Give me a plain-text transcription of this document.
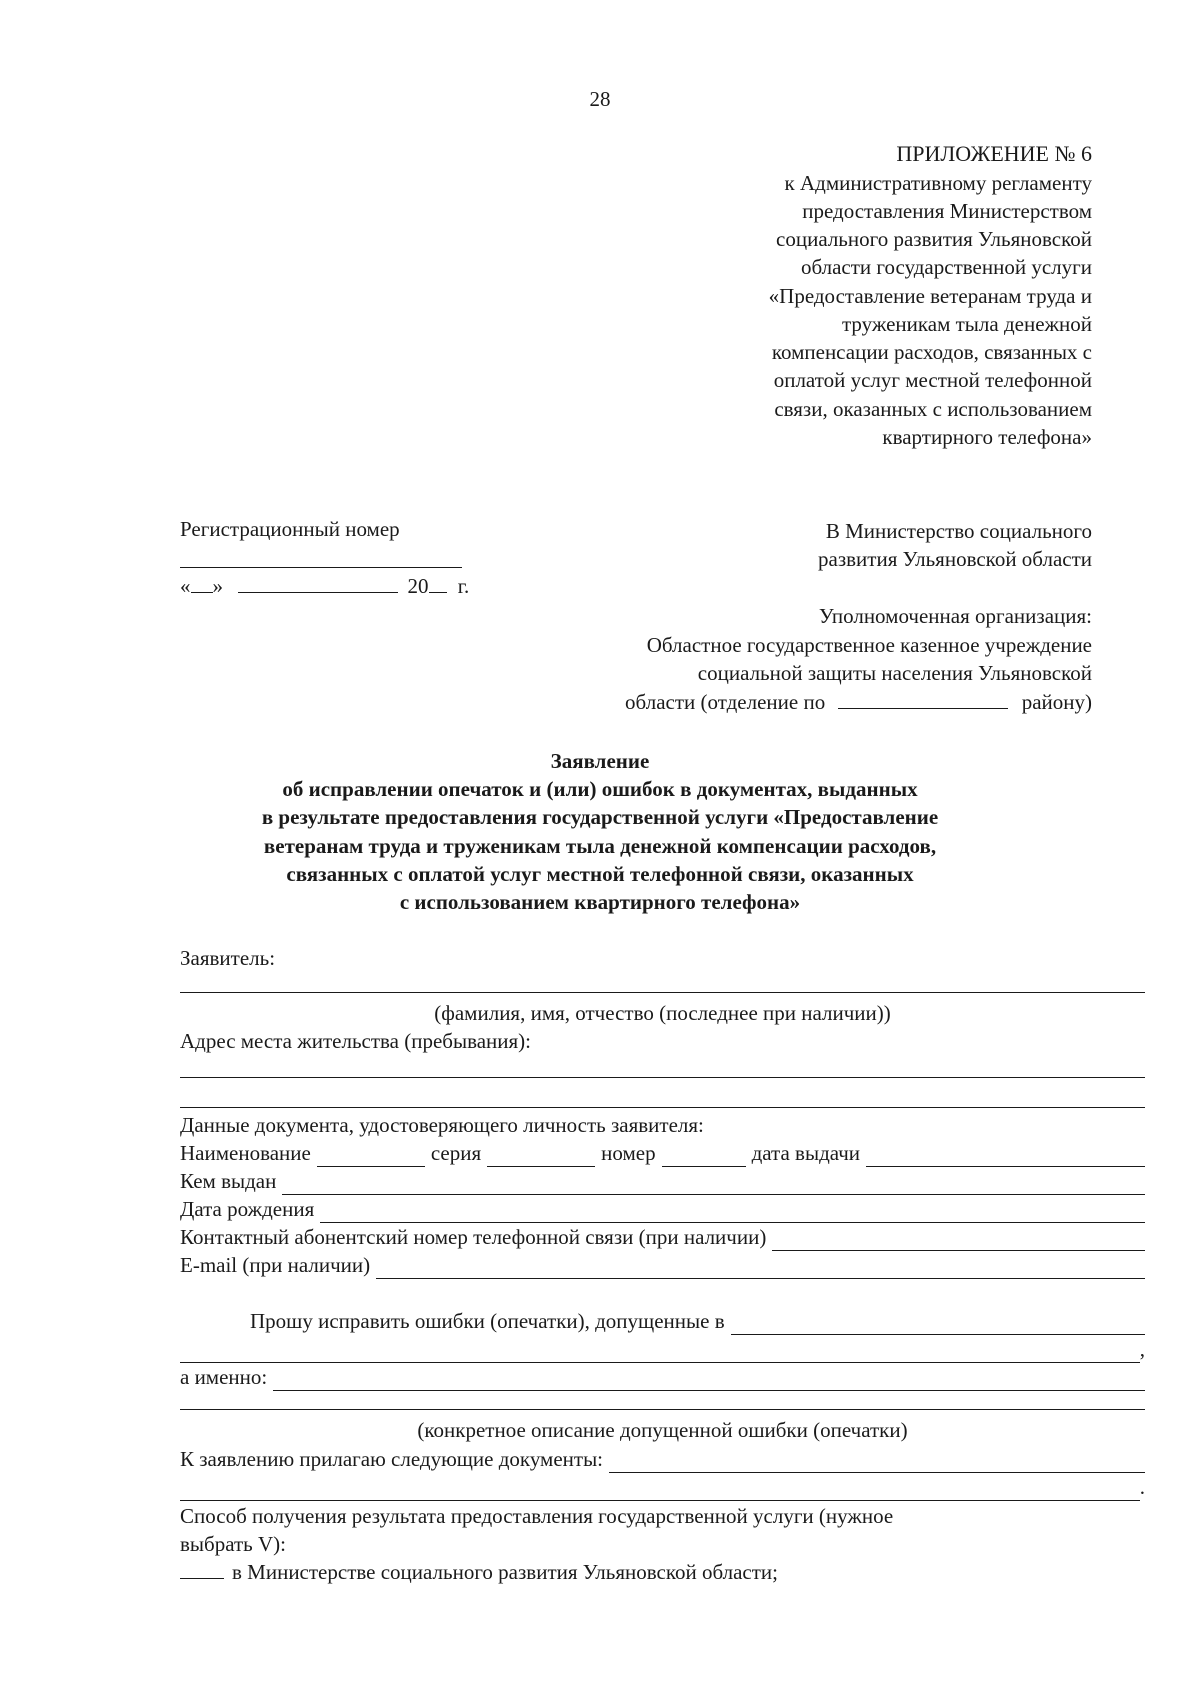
28
ПРИЛОЖЕНИЕ № 6
к Административному регламенту
предоставления Министерством
социального развития Ульяновской
области государственной услуги
«Предоставление ветеранам труда и
труженикам тыла денежной
компенсации расходов, связанных с
оплатой услуг местной телефонной
связи, оказанных с использованием
квартирного телефона»
Регистрационный номер
« »	20 г.
В Министерство социального
развития Ульяновской области
Уполномоченная организация:
Областное государственное казенное учреждение
социальной защиты населения Ульяновской
области (отделение по	району)
Заявление
об исправлении опечаток и (или) ошибок в документах, выданных
в результате предоставления государственной услуги «Предоставление
ветеранам труда и труженикам тыла денежной компенсации расходов,
связанных с оплатой услуг местной телефонной связи, оказанных
с использованием квартирного телефона»
Заявитель:
(фамилия, имя, отчество (последнее при наличии))
Адрес места жительства (пребывания):
Данные документа, удостоверяющего личность заявителя:
Наименование	серия	номер	дата выдачи
Кем выдан
Дата рождения
Контактный абонентский номер телефонной связи (при наличии)
E-mail (при наличии)
Прошу исправить ошибки (опечатки), допущенные в
,
а именно:
(конкретное описание допущенной ошибки (опечатки)
К заявлению прилагаю следующие документы:
.
Способ получения результата предоставления государственной услуги (нужное
выбрать V):
в Министерстве социального развития Ульяновской области;
